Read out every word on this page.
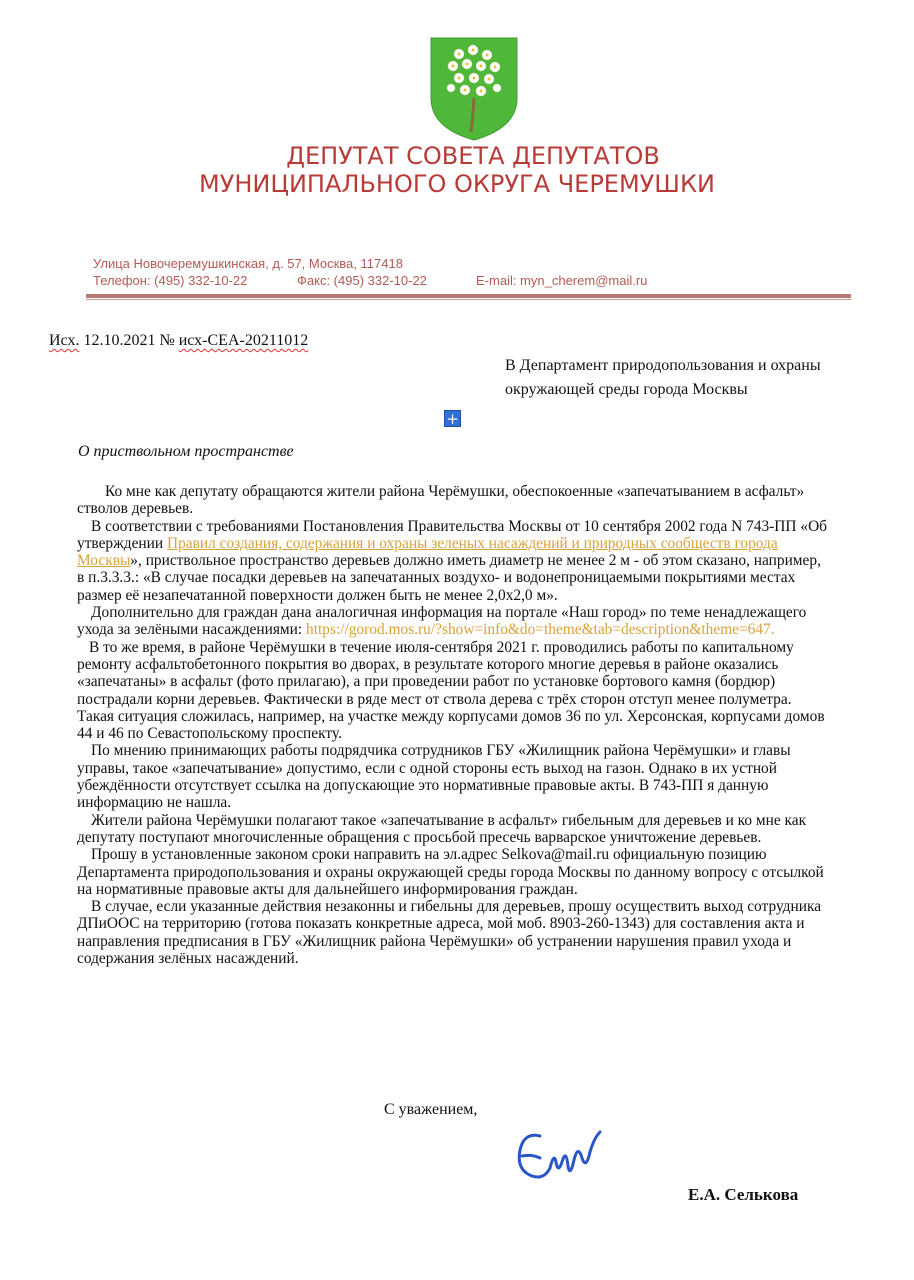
ДЕПУТАТ СОВЕТА ДЕПУТАТОВ
МУНИЦИПАЛЬНОГО ОКРУГА ЧЕРЕМУШКИ
Улица Новочеремушкинская, д. 57, Москва, 117418
Телефон: (495) 332-10-22	Факс: (495) 332-10-22	E-mail: myn_cherem@mail.ru
Исх. 12.10.2021 № исх-СЕА-20211012
В Департамент природопользования и охраны окружающей среды города Москвы
+
О приствольном пространстве

Ко мне как депутату обращаются жители района Черёмушки, обеспокоенные «запечатыванием в асфальт» стволов деревьев.

В соответствии с требованиями Постановления Правительства Москвы от 10 сентября 2002 года N 743-ПП «Об утверждении Правил создания, содержания и охраны зеленых насаждений и природных сообществ города Москвы», приствольное пространство деревьев должно иметь диаметр не менее 2 м - об этом сказано, например, в п.3.3.3.: «В случае посадки деревьев на запечатанных воздухо- и водонепроницаемыми покрытиями местах размер её незапечатанной поверхности должен быть не менее 2,0x2,0 м».

Дополнительно для граждан дана аналогичная информация на портале «Наш город» по теме ненадлежащего ухода за зелёными насаждениями: https://gorod.mos.ru/?show=info&do=theme&tab=description&theme=647.

В то же время, в районе Черёмушки в течение июля-сентября 2021 г. проводились работы по капитальному ремонту асфальтобетонного покрытия во дворах, в результате которого многие деревья в районе оказались «запечатаны» в асфальт (фото прилагаю), а при проведении работ по установке бортового камня (бордюр) пострадали корни деревьев. Фактически в ряде мест от ствола дерева с трёх сторон отступ менее полуметра. Такая ситуация сложилась, например, на участке между корпусами домов 36 по ул. Херсонская, корпусами домов 44 и 46 по Севастопольскому проспекту.

По мнению принимающих работы подрядчика сотрудников ГБУ «Жилищник района Черёмушки» и главы управы, такое «запечатывание» допустимо, если с одной стороны есть выход на газон. Однако в их устной убеждённости отсутствует ссылка на допускающие это нормативные правовые акты. В 743-ПП я данную информацию не нашла.

Жители района Черёмушки полагают такое «запечатывание в асфальт» гибельным для деревьев и ко мне как депутату поступают многочисленные обращения с просьбой пресечь варварское уничтожение деревьев.

Прошу в установленные законом сроки направить на эл.адрес Selkova@mail.ru официальную позицию Департамента природопользования и охраны окружающей среды города Москвы по данному вопросу с отсылкой на нормативные правовые акты для дальнейшего информирования граждан.

В случае, если указанные действия незаконны и гибельны для деревьев, прошу осуществить выход сотрудника ДПиООС на территорию (готова показать конкретные адреса, мой моб. 8903-260-1343) для составления акта и направления предписания в ГБУ «Жилищник района Черёмушки» об устранении нарушения правил ухода и содержания зелёных насаждений.

С уважением,
Е.А. Селькова
